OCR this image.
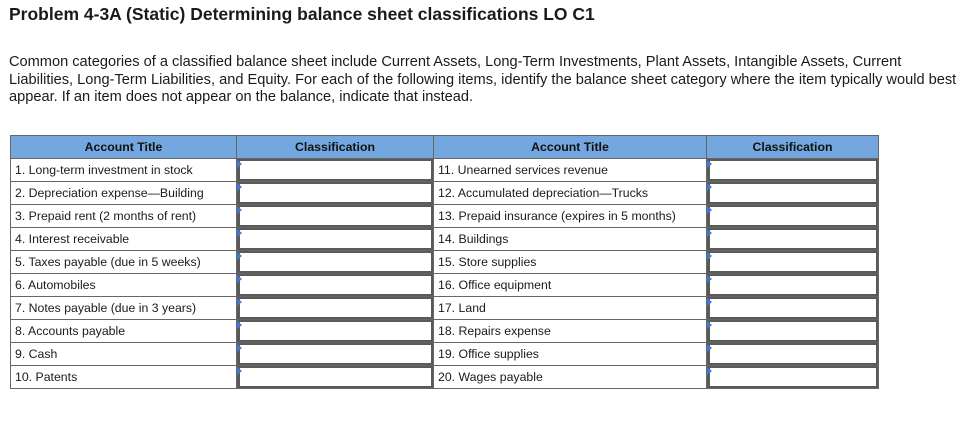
Problem 4-3A (Static) Determining balance sheet classifications LO C1
Common categories of a classified balance sheet include Current Assets, Long-Term Investments, Plant Assets, Intangible Assets, Current Liabilities, Long-Term Liabilities, and Equity. For each of the following items, identify the balance sheet category where the item typically would best appear. If an item does not appear on the balance, indicate that instead.
Account Title	Classification	Account Title	Classification
1. Long-term investment in stock		11. Unearned services revenue	

2. Depreciation expense—Building		12. Accumulated depreciation—Trucks	

3. Prepaid rent (2 months of rent)		13. Prepaid insurance (expires in 5 months)	

4. Interest receivable		14. Buildings	

5. Taxes payable (due in 5 weeks)		15. Store supplies	

6. Automobiles		16. Office equipment	

7. Notes payable (due in 3 years)		17. Land	

8. Accounts payable		18. Repairs expense	

9. Cash		19. Office supplies	

10. Patents		20. Wages payable	
